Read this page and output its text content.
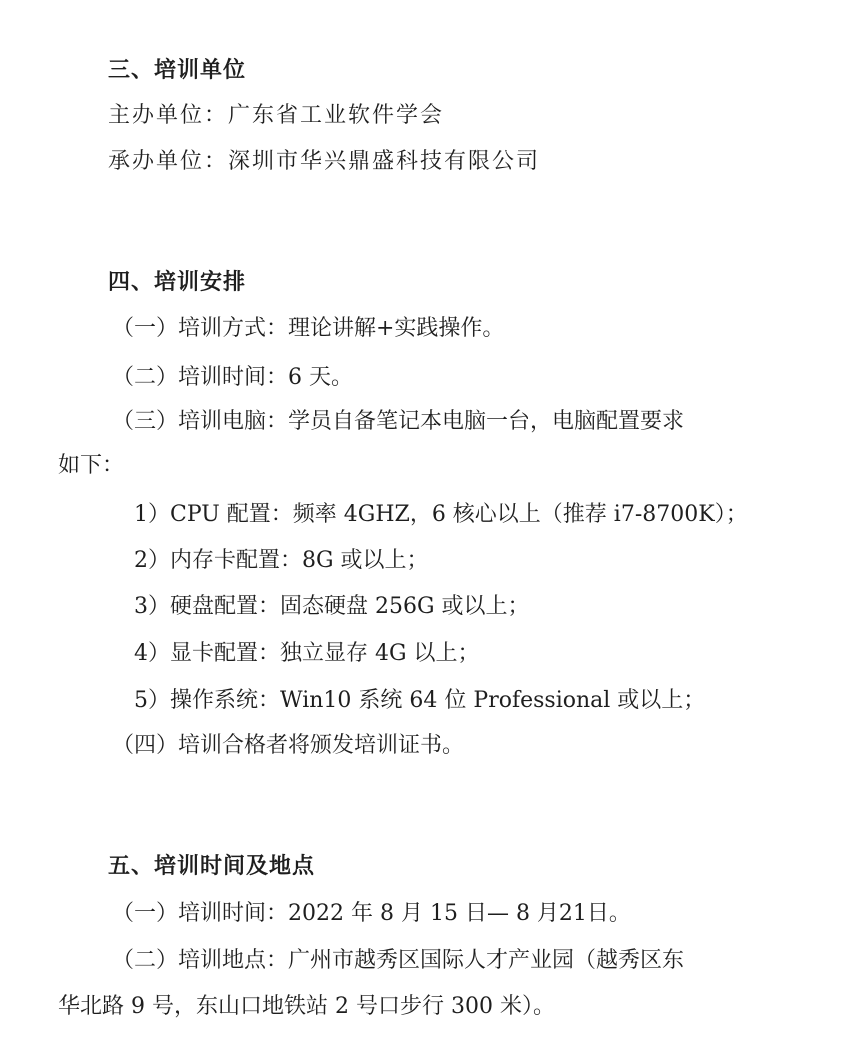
三、培训单位
主办单位：广东省工业软件学会
承办单位：深圳市华兴鼎盛科技有限公司
四、培训安排
（一）培训方式：理论讲解+实践操作。
（二）培训时间：6 天。
（三）培训电脑：学员自备笔记本电脑一台，电脑配置要求
如下：
1）CPU 配置：频率 4GHZ，6 核心以上（推荐 i7-8700K）；
2）内存卡配置：8G 或以上；
3）硬盘配置：固态硬盘 256G 或以上；
4）显卡配置：独立显存 4G 以上；
5）操作系统：Win10 系统 64 位 Professional 或以上；
（四）培训合格者将颁发培训证书。
五、培训时间及地点
（一）培训时间：2022 年 8 月 15 日— 8 月21日。
（二）培训地点：广州市越秀区国际人才产业园（越秀区东
华北路 9 号，东山口地铁站 2 号口步行 300 米）。
